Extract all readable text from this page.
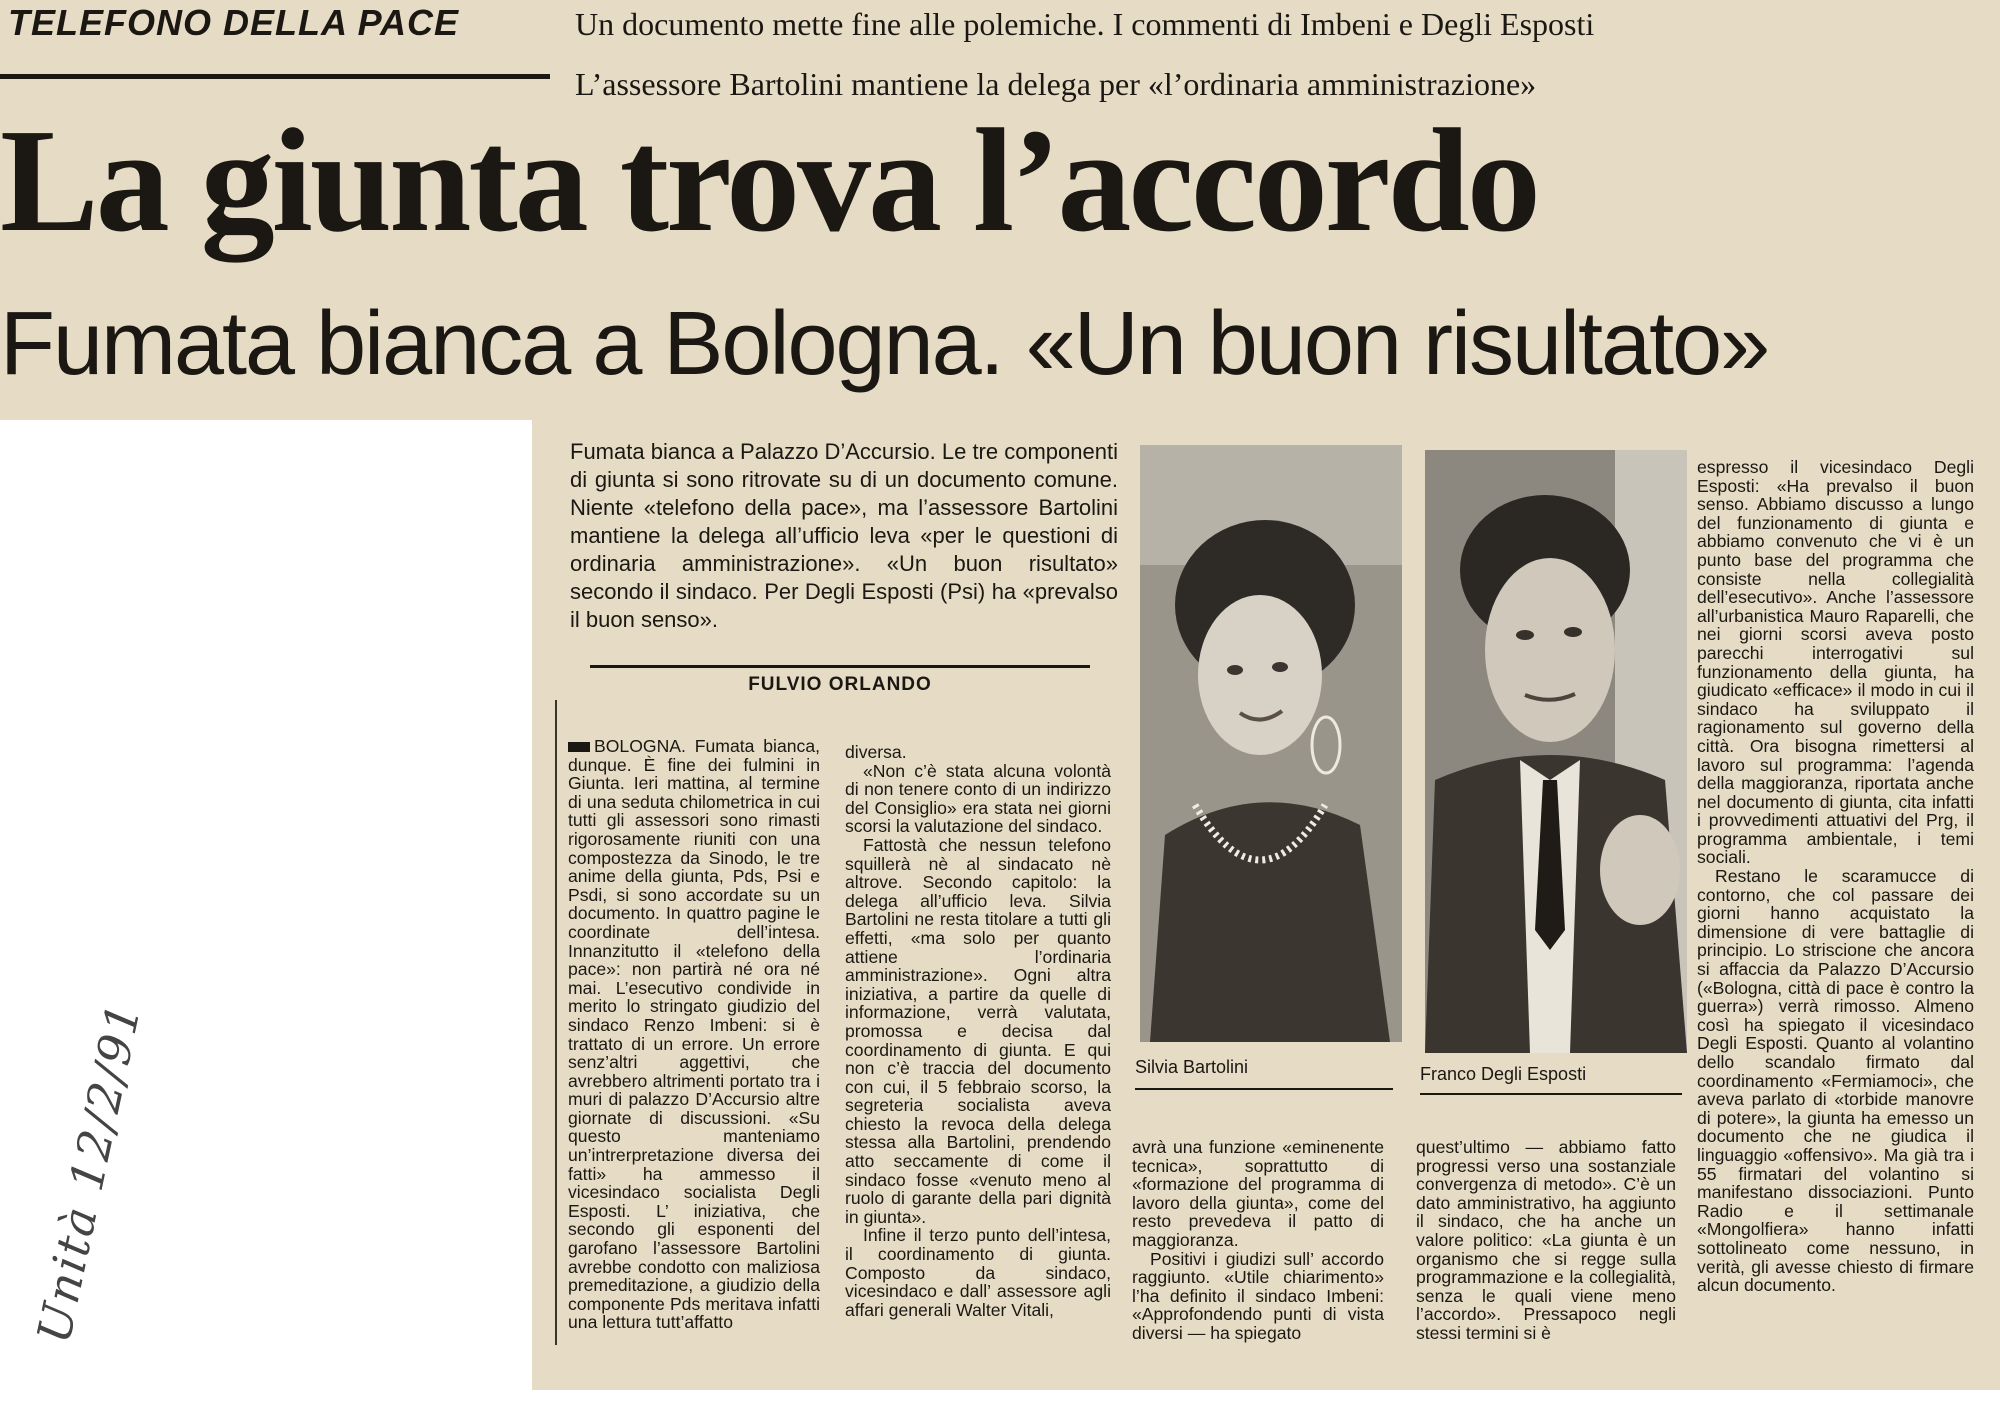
TELEFONO DELLA PACE	Un documento mette fine alle polemiche. I commenti di Imbeni e Degli Esposti
L’assessore Bartolini mantiene la delega per «l’ordinaria amministrazione»
La giunta trova l’accordo
Fumata bianca a Bologna. «Un buon risultato»
Fumata bianca a Palazzo D’Accursio. Le tre componenti di giunta si sono ritrovate su di un documento comune. Niente «telefono della pace», ma l’assessore Bartolini mantiene la delega all’ufficio leva «per le questioni di ordinaria amministrazione». «Un buon risultato» secondo il sindaco. Per Degli Esposti (Psi) ha «prevalso il buon senso».
FULVIO ORLANDO

BOLOGNA. Fumata bianca, dunque. È fine dei fulmini in Giunta. Ieri mattina, al termine di una seduta chilometrica in cui tutti gli assessori sono rimasti rigorosamente riuniti con una compostezza da Sinodo, le tre anime della giunta, Pds, Psi e Psdi, si sono accordate su un documento. In quattro pagine le coordinate dell’intesa. Innanzitutto il «telefono della pace»: non partirà né ora né mai. L’esecutivo condivide in merito lo stringato giudizio del sindaco Renzo Imbeni: si è trattato di un errore. Un errore senz’altri aggettivi, che avrebbero altrimenti portato tra i muri di palazzo D’Accursio altre giornate di discussioni. «Su questo manteniamo un’intrerpretazione diversa dei fatti» ha ammesso il vicesindaco socialista Degli Esposti. L’ iniziativa, che secondo gli esponenti del garofano l’assessore Bartolini avrebbe condotto con maliziosa premeditazione, a giudizio della componente Pds meritava infatti una lettura tutt’affatto

diversa.

«Non c’è stata alcuna volontà di non tenere conto di un indirizzo del Consiglio» era stata nei giorni scorsi la valutazione del sindaco.

Fattostà che nessun telefono squillerà nè al sindacato nè altrove. Secondo capitolo: la delega all’ufficio leva. Silvia Bartolini ne resta titolare a tutti gli effetti, «ma solo per quanto attiene l’ordinaria amministrazione». Ogni altra iniziativa, a partire da quelle di informazione, verrà valutata, promossa e decisa dal coordinamento di giunta. E qui non c’è traccia del documento con cui, il 5 febbraio scorso, la segreteria socialista aveva chiesto la revoca della delega stessa alla Bartolini, prendendo atto seccamente di come il sindaco fosse «venuto meno al ruolo di garante della pari dignità in giunta».

Infine il terzo punto dell’intesa, il coordinamento di giunta. Composto da sindaco, vicesindaco e dall’ assessore agli affari generali Walter Vitali,

Silvia Bartolini	Franco Degli Esposti

avrà una funzione «eminenente tecnica», soprattutto di «formazione del programma di lavoro della giunta», come del resto prevedeva il patto di maggioranza.

Positivi i giudizi sull’ accordo raggiunto. «Utile chiarimento» l’ha definito il sindaco Imbeni: «Approfondendo punti di vista diversi — ha spiegato

quest’ultimo — abbiamo fatto progressi verso una sostanziale convergenza di metodo». C’è un dato amministrativo, ha aggiunto il sindaco, che ha anche un valore politico: «La giunta è un organismo che si regge sulla programmazione e la collegialità, senza le quali viene meno l’accordo». Pressapoco negli stessi termini si è

espresso il vicesindaco Degli Esposti: «Ha prevalso il buon senso. Abbiamo discusso a lungo del funzionamento di giunta e abbiamo convenuto che vi è un punto base del programma che consiste nella collegialità dell’esecutivo». Anche l’assessore all’urbanistica Mauro Raparelli, che nei giorni scorsi aveva posto parecchi interrogativi sul funzionamento della giunta, ha giudicato «efficace» il modo in cui il sindaco ha sviluppato il ragionamento sul governo della città. Ora bisogna rimettersi al lavoro sul programma: l’agenda della maggioranza, riportata anche nel documento di giunta, cita infatti i provvedimenti attuativi del Prg, il programma ambientale, i temi sociali.

Restano le scaramucce di contorno, che col passare dei giorni hanno acquistato la dimensione di vere battaglie di principio. Lo striscione che ancora si affaccia da Palazzo D’Accursio («Bologna, città di pace è contro la guerra») verrà rimosso. Almeno così ha spiegato il vicesindaco Degli Esposti. Quanto al volantino dello scandalo firmato dal coordinamento «Fermiamoci», che aveva parlato di «torbide manovre di potere», la giunta ha emesso un documento che ne giudica il linguaggio «offensivo». Ma già tra i 55 firmatari del volantino si manifestano dissociazioni. Punto Radio e il settimanale «Mongolfiera» hanno infatti sottolineato come nessuno, in verità, gli avesse chiesto di firmare alcun documento.

Unità 12/2/91
